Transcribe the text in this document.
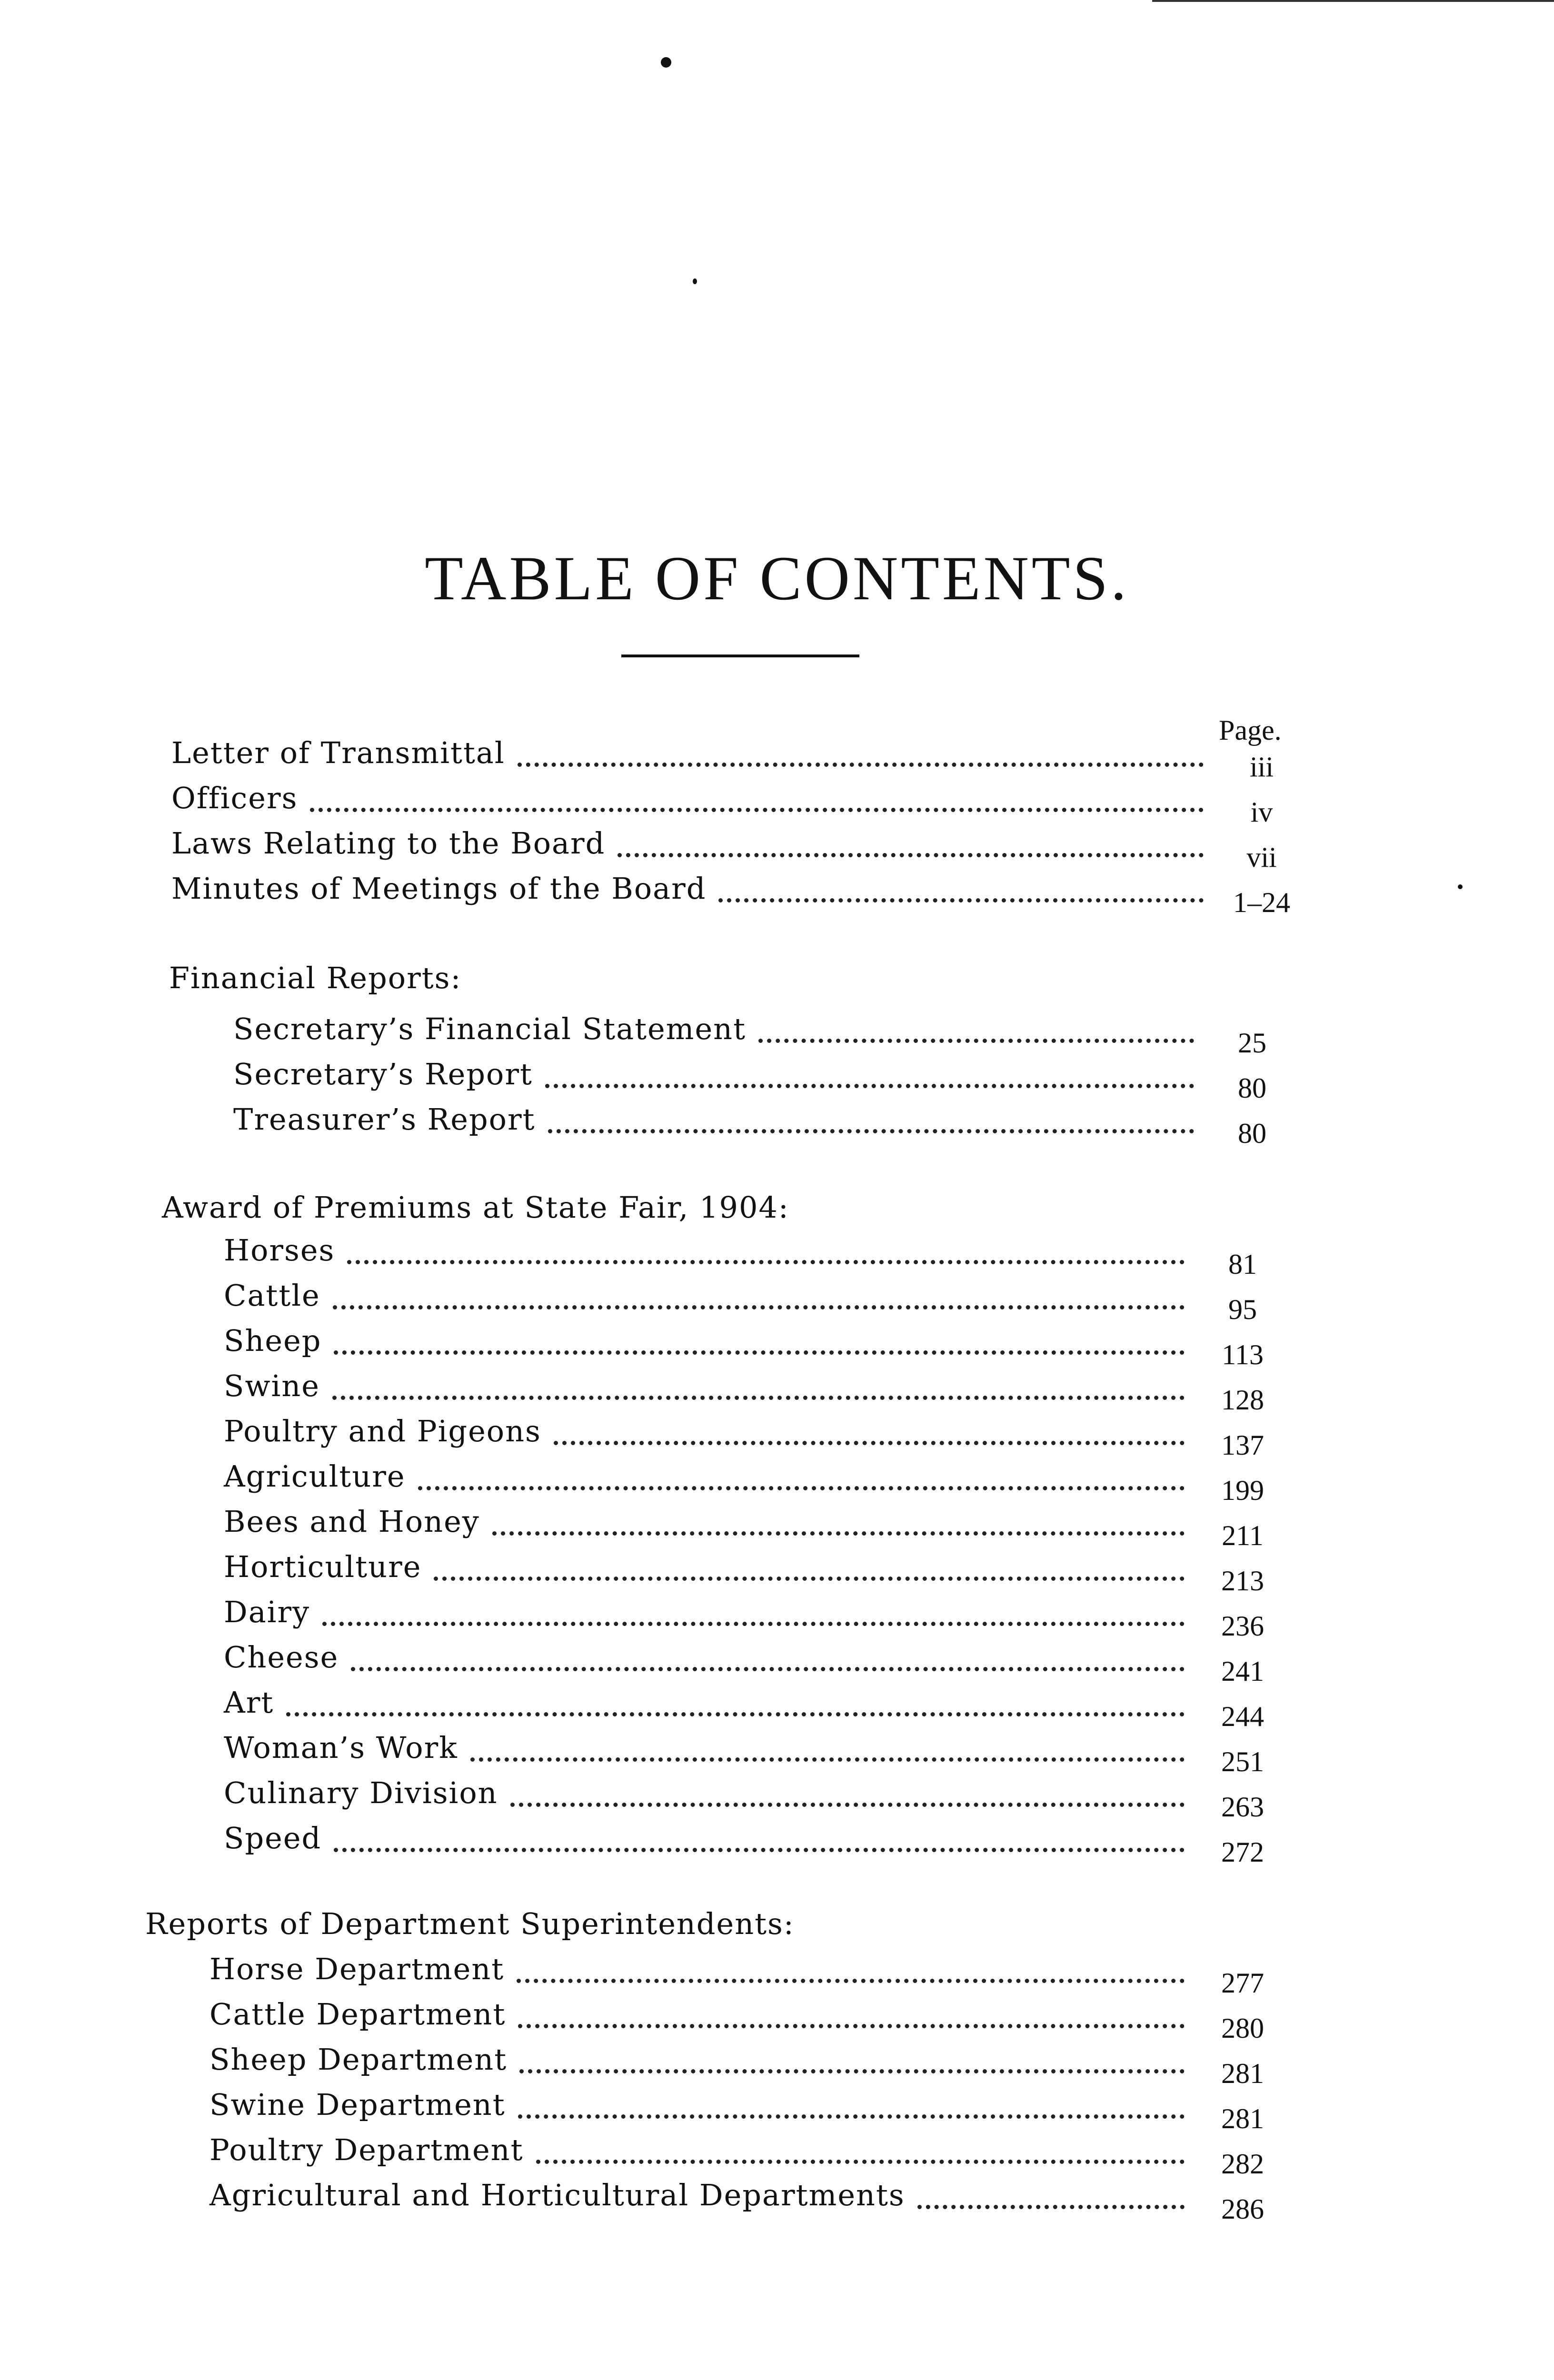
TABLE OF CONTENTS.
Page.
Letter of Transmittal	iii
Officers	iv
Laws Relating to the Board	vii
Minutes of Meetings of the Board	1–24
Financial Reports:
Secretary’s Financial Statement	25
Secretary’s Report	80
Treasurer’s Report	80
Award of Premiums at State Fair, 1904:
Horses	81
Cattle	95
Sheep	113
Swine	128
Poultry and Pigeons	137
Agriculture	199
Bees and Honey	211
Horticulture	213
Dairy	236
Cheese	241
Art	244
Woman’s Work	251
Culinary Division	263
Speed	272
Reports of Department Superintendents:
Horse Department	277
Cattle Department	280
Sheep Department	281
Swine Department	281
Poultry Department	282
Agricultural and Horticultural Departments	286
